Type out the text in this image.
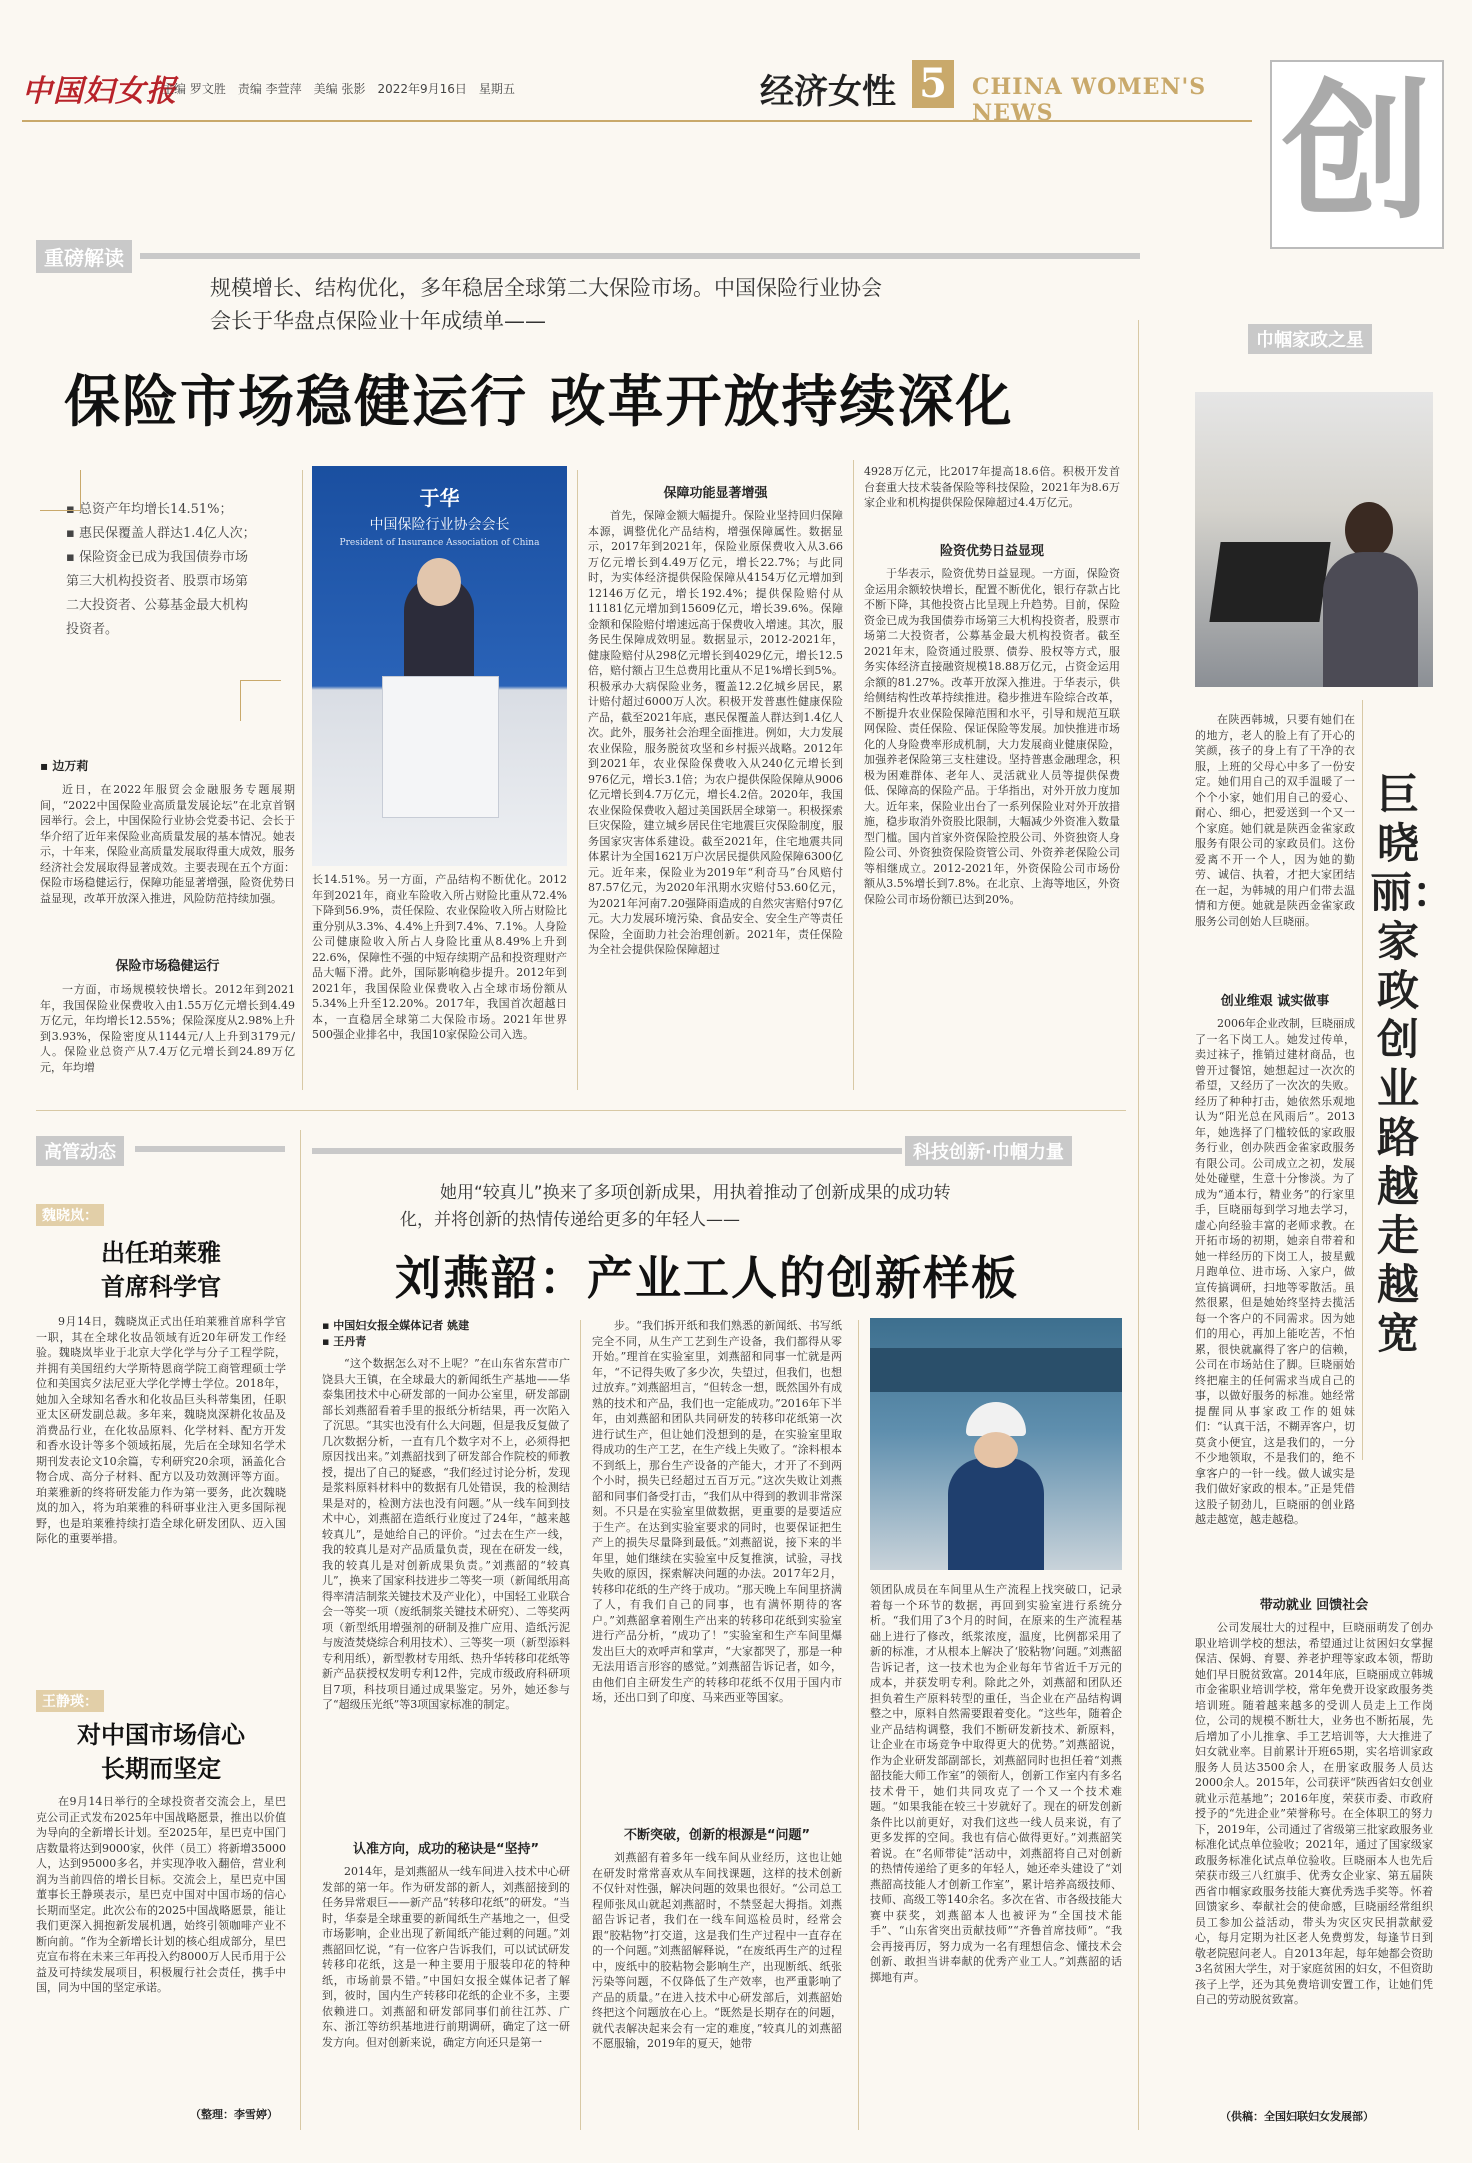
中国妇女报
主编 罗文胜　责编 李萱萍　美编 张影　2022年9月16日　星期五	经济女性 5	CHINA WOMEN'S NEWS	创
重磅解读
规模增长、结构优化，多年稳居全球第二大保险市场。中国保险行业协会
会长于华盘点保险业十年成绩单——
保险市场稳健运行 改革开放持续深化
▪ 总资产年均增长14.51%；
▪ 惠民保覆盖人群达1.4亿人次；
▪ 保险资金已成为我国债券市场第三大机构投资者、股票市场第二大投资者、公募基金最大机构投资者。
▪ 边万莉
于华
中国保险行业协会会长
President of Insurance Association of China
近日，在2022年服贸会金融服务专题展期间，“2022中国保险业高质量发展论坛”在北京首钢园举行。会上，中国保险行业协会党委书记、会长于华介绍了近年来保险业高质量发展的基本情况。她表示，十年来，保险业高质量发展取得重大成效，服务经济社会发展取得显著成效。主要表现在五个方面：保险市场稳健运行，保障功能显著增强，险资优势日益显现，改革开放深入推进，风险防范持续加强。
保险市场稳健运行
一方面，市场规模较快增长。2012年到2021年，我国保险业保费收入由1.55万亿元增长到4.49万亿元，年均增长12.55%；保险深度从2.98%上升到3.93%，保险密度从1144元/人上升到3179元/人。保险业总资产从7.4万亿元增长到24.89万亿元，年均增
长14.51%。另一方面，产品结构不断优化。2012年到2021年，商业车险收入所占财险比重从72.4%下降到56.9%，责任保险、农业保险收入所占财险比重分别从3.3%、4.4%上升到7.4%、7.1%。人身险公司健康险收入所占人身险比重从8.49%上升到22.6%，保障性不强的中短存续期产品和投资理财产品大幅下滑。此外，国际影响稳步提升。2012年到2021年，我国保险业保费收入占全球市场份额从5.34%上升至12.20%。2017年，我国首次超越日本，一直稳居全球第二大保险市场。2021年世界500强企业排名中，我国10家保险公司入选。
保障功能显著增强
首先，保障金额大幅提升。保险业坚持回归保障本源，调整优化产品结构，增强保障属性。数据显示，2017年到2021年，保险业原保费收入从3.66万亿元增长到4.49万亿元，增长22.7%；与此同时，为实体经济提供保险保障从4154万亿元增加到12146万亿元，增长192.4%；提供保险赔付从11181亿元增加到15609亿元，增长39.6%。保障金额和保险赔付增速远高于保费收入增速。其次，服务民生保障成效明显。数据显示，2012-2021年，健康险赔付从298亿元增长到4029亿元，增长12.5倍，赔付额占卫生总费用比重从不足1%增长到5%。积极承办大病保险业务，覆盖12.2亿城乡居民，累计赔付超过6000万人次。积极开发普惠性健康保险产品，截至2021年底，惠民保覆盖人群达到1.4亿人次。此外，服务社会治理全面推进。例如，大力发展农业保险，服务脱贫攻坚和乡村振兴战略。2012年到2021年，农业保险保费收入从240亿元增长到976亿元，增长3.1倍；为农户提供保险保障从9006亿元增长到4.7万亿元，增长4.2倍。2020年，我国农业保险保费收入超过美国跃居全球第一。积极探索巨灾保险，建立城乡居民住宅地震巨灾保险制度，服务国家灾害体系建设。截至2021年，住宅地震共同体累计为全国1621万户次居民提供风险保障6300亿元。近年来，保险业为2019年“利奇马”台风赔付87.57亿元，为2020年汛期水灾赔付53.60亿元，为2021年河南7.20强降雨造成的自然灾害赔付97亿元。大力发展环境污染、食品安全、安全生产等责任保险，全面助力社会治理创新。2021年，责任保险为全社会提供保险保障超过
4928万亿元，比2017年提高18.6倍。积极开发首台套重大技术装备保险等科技保险，2021年为8.6万家企业和机构提供保险保障超过4.4万亿元。
险资优势日益显现
于华表示，险资优势日益显现。一方面，保险资金运用余额较快增长，配置不断优化，银行存款占比不断下降，其他投资占比呈现上升趋势。目前，保险资金已成为我国债券市场第三大机构投资者，股票市场第二大投资者，公募基金最大机构投资者。截至2021年末，险资通过股票、债券、股权等方式，服务实体经济直接融资规模18.88万亿元，占资金运用余额的81.27%。改革开放深入推进。于华表示，供给侧结构性改革持续推进。稳步推进车险综合改革，不断提升农业保险保障范围和水平，引导和规范互联网保险、责任保险、保证保险等发展。加快推进市场化的人身险费率形成机制，大力发展商业健康保险，加强养老保险第三支柱建设。坚持普惠金融理念，积极为困难群体、老年人、灵活就业人员等提供保费低、保障高的保险产品。于华指出，对外开放力度加大。近年来，保险业出台了一系列保险业对外开放措施，稳步取消外资股比限制，大幅减少外资准入数量型门槛。国内首家外资保险控股公司、外资独资人身险公司、外资独资保险资管公司、外资养老保险公司等相继成立。2012-2021年，外资保险公司市场份额从3.5%增长到7.8%。在北京、上海等地区，外资保险公司市场份额已达到20%。
巾帼家政之星
在陕西韩城，只要有她们在的地方，老人的脸上有了开心的笑颜，孩子的身上有了干净的衣服，上班的父母心中多了一份安定。她们用自己的双手温暖了一个个小家，她们用自己的爱心、耐心、细心，把爱送到一个又一个家庭。她们就是陕西金雀家政服务有限公司的家政员们。这份爱离不开一个人，因为她的勤劳、诚信、执着，才把大家团结在一起，为韩城的用户们带去温情和方便。她就是陕西金雀家政服务公司创始人巨晓丽。
巨晓丽：家政创业路越走越宽
创业维艰 诚实做事
2006年企业改制，巨晓丽成了一名下岗工人。她发过传单，卖过袜子，推销过建材商品，也曾开过餐馆，她想起过一次次的希望，又经历了一次次的失败。经历了种种打击，她依然乐观地认为“阳光总在风雨后”。2013年，她选择了门槛较低的家政服务行业，创办陕西金雀家政服务有限公司。公司成立之初，发展处处碰壁，生意十分惨淡。为了成为“通本行，精业务”的行家里手，巨晓丽每到学习地去学习，虚心向经验丰富的老师求教。在开拓市场的初期，她亲自带着和她一样经历的下岗工人，披星戴月跑单位、进市场、入家户，做宣传搞调研，扫地等零散活。虽然很累，但是她始终坚持去揽活每一个客户的不同需求。因为她们的用心，再加上能吃苦，不怕累，很快就赢得了客户的信赖，公司在市场站住了脚。巨晓丽始终把雇主的任何需求当成自己的事，以做好服务的标准。她经常提醒同从事家政工作的姐妹们：“认真干活，不糊弄客户，切莫贪小便宜，这是我们的，一分不少地领取，不是我们的，绝不拿客户的一针一线。做人诚实是我们做好家政的根本。”正是凭借这股子韧劲儿，巨晓丽的创业路越走越宽，越走越稳。
带动就业 回馈社会
公司发展壮大的过程中，巨晓丽萌发了创办职业培训学校的想法，希望通过让贫困妇女掌握保洁、保姆、育婴、养老护理等家政本领，帮助她们早日脱贫致富。2014年底，巨晓丽成立韩城市金雀职业培训学校，常年免费开设家政服务类培训班。随着越来越多的受训人员走上工作岗位，公司的规模不断壮大，业务也不断拓展，先后增加了小儿推拿、手工艺培训等，大大推进了妇女就业率。目前累计开班65期，实名培训家政服务人员达3500余人，在册家政服务人员达2000余人。2015年，公司获评“陕西省妇女创业就业示范基地”；2016年度，荣获市委、市政府授予的“先进企业”荣誉称号。在全体职工的努力下，2019年，公司通过了省级第三批家政服务业标准化试点单位验收；2021年，通过了国家级家政服务标准化试点单位验收。巨晓丽本人也先后荣获市级三八红旗手、优秀女企业家、第五届陕西省巾帼家政服务技能大赛优秀选手奖等。怀着回馈家乡、奉献社会的使命感，巨晓丽经常组织员工参加公益活动，带头为灾区灾民捐款献爱心，每月定期为社区老人免费剪发，每逢节日到敬老院慰问老人。自2013年起，每年她都会资助3名贫困大学生，对于家庭贫困的妇女，不但资助孩子上学，还为其免费培训安置工作，让她们凭自己的劳动脱贫致富。
（供稿：全国妇联妇女发展部）
高管动态
魏晓岚：
出任珀莱雅
首席科学官
9月14日，魏晓岚正式出任珀莱雅首席科学官一职，其在全球化妆品领域有近20年研发工作经验。魏晓岚毕业于北京大学化学与分子工程学院，并拥有美国纽约大学斯特恩商学院工商管理硕士学位和美国宾夕法尼亚大学化学博士学位。2018年，她加入全球知名香水和化妆品巨头科蒂集团，任职亚太区研发副总裁。多年来，魏晓岚深耕化妆品及消费品行业，在化妆品原料、化学材料、配方开发和香水设计等多个领域拓展，先后在全球知名学术期刊发表论文10余篇，专利研究20余项，涵盖化合物合成、高分子材料、配方以及功效测评等方面。珀莱雅新的终将研发能力作为第一要务，此次魏晓岚的加入，将为珀莱雅的科研事业注入更多国际视野，也是珀莱雅持续打造全球化研发团队、迈入国际化的重要举措。
王静瑛：
对中国市场信心
长期而坚定
在9月14日举行的全球投资者交流会上，星巴克公司正式发布2025年中国战略愿景，推出以价值为导向的全新增长计划。至2025年，星巴克中国门店数量将达到9000家，伙伴（员工）将新增35000人，达到95000多名，并实现净收入翻倍，营业利润为当前四倍的增长目标。交流会上，星巴克中国董事长王静瑛表示，星巴克中国对中国市场的信心长期而坚定。此次公布的2025中国战略愿景，能让我们更深入拥抱新发展机遇，始终引领咖啡产业不断向前。“作为全新增长计划的核心组成部分，星巴克宣布将在未来三年再投入约8000万人民币用于公益及可持续发展项目，积极履行社会责任，携手中国，同为中国的坚定承诺。
（整理：李雪婷）
科技创新·巾帼力量
她用“较真儿”换来了多项创新成果，用执着推动了创新成果的成功转
化，并将创新的热情传递给更多的年轻人——
刘燕韶：产业工人的创新样板
▪ 中国妇女报全媒体记者 姚建
▪ 王丹青
“这个数据怎么对不上呢？”在山东省东营市广饶县大王镇，在全球最大的新闻纸生产基地——华泰集团技术中心研发部的一间办公室里，研发部副部长刘燕韶看着手里的报纸分析结果，再一次陷入了沉思。“其实也没有什么大问题，但是我反复做了几次数据分析，一直有几个数字对不上，必须得把原因找出来。”刘燕韶找到了研发部合作院校的师教授，提出了自己的疑惑，“我们经过讨论分析，发现是浆料原料材料中的数据有几处错误，我的检测结果是对的，检测方法也没有问题。”从一线车间到技术中心，刘燕韶在造纸行业度过了24年，“越来越较真儿”，是她给自己的评价。“过去在生产一线，我的较真儿是对产品质量负责，现在在研发一线，我的较真儿是对创新成果负责。”刘燕韶的“较真儿”，换来了国家科技进步二等奖一项（新闻纸用高得率清洁制浆关键技术及产业化），中国轻工业联合会一等奖一项（废纸制浆关键技术研究）、二等奖两项（新型纸用增强剂的研制及推广应用、造纸污泥与废渣焚烧综合利用技术）、三等奖一项（新型添料专利用纸），新型教材专用纸、热升华转移印花纸等新产品获授权发明专利12件，完成市级政府科研项目7项，科技项目通过成果鉴定。另外，她还参与了“超级压光纸”等3项国家标准的制定。
认准方向，成功的秘诀是“坚持”
2014年，是刘燕韶从一线车间进入技术中心研发部的第一年。作为研发部的新人，刘燕韶接到的任务异常艰巨——新产品“转移印花纸”的研发。“当时，华泰是全球重要的新闻纸生产基地之一，但受市场影响，企业出现了新闻纸产能过剩的问题。”刘燕韶回忆说，“有一位客户告诉我们，可以试试研发转移印花纸，这是一种主要用于服装印花的特种纸，市场前景不错。”中国妇女报全媒体记者了解到，彼时，国内生产转移印花纸的企业不多，主要依赖进口。刘燕韶和研发部同事们前往江苏、广东、浙江等纺织基地进行前期调研，确定了这一研发方向。但对创新来说，确定方向还只是第一
步。“我们拆开纸和我们熟悉的新闻纸、书写纸完全不同，从生产工艺到生产设备，我们都得从零开始。”理首在实验室里，刘燕韶和同事一忙就是两年，“不记得失败了多少次，失望过，但我们，也想过放弃。”刘燕韶坦言，“但转念一想，既然国外有成熟的技术和产品，我们也一定能成功。”2016年下半年，由刘燕韶和团队共同研发的转移印花纸第一次进行试生产，但让她们没想到的是，在实验室里取得成功的生产工艺，在生产线上失败了。“涂料根本不到纸上，那台生产设备的产能大，才开了不到两个小时，损失已经超过五百万元。”这次失败让刘燕韶和同事们备受打击，“我们从中得到的教训非常深刻。不只是在实验室里做数据，更重要的是要适应于生产。在达到实验室要求的同时，也要保证把生产上的损失尽量降到最低。”刘燕韶说，接下来的半年里，她们继续在实验室中反复推演，试验，寻找失败的原因，探索解决问题的办法。2017年2月，转移印花纸的生产终于成功。“那天晚上车间里挤满了人，有我们自己的同事，也有满怀期待的客户。”刘燕韶拿着刚生产出来的转移印花纸到实验室进行产品分析，“成功了！”实验室和生产车间里爆发出巨大的欢呼声和掌声，“大家都哭了，那是一种无法用语言形容的感觉。”刘燕韶告诉记者，如今，由他们自主研发生产的转移印花纸不仅用于国内市场，还出口到了印度、马来西亚等国家。
不断突破，创新的根源是“问题”
刘燕韶有着多年一线车间从业经历，这也让她在研发时常常喜欢从车间找课题，这样的技术创新不仅针对性强，解决问题的效果也很好。“公司总工程师张凤山就起刘燕韶时，不禁竖起大拇指。刘燕韶告诉记者，我们在一线车间巡检员时，经常会跟“胶粘物”打交道，这是我们生产过程中一直存在的一个问题。”刘燕韶解释说，“在废纸再生产的过程中，废纸中的胶粘物会影响生产，出现断纸、纸张污染等问题，不仅降低了生产效率，也严重影响了产品的质量。”在进入技术中心研发部后，刘燕韶始终把这个问题放在心上。“既然是长期存在的问题，就代表解决起来会有一定的难度，”较真儿的刘燕韶不愿服输，2019年的夏天，她带
领团队成员在车间里从生产流程上找突破口，记录着每一个环节的数据，再回到实验室进行系统分析。“我们用了3个月的时间，在原来的生产流程基础上进行了修改，纸浆浓度，温度，比例都采用了新的标准，才从根本上解决了‘胶粘物’问题。”刘燕韶告诉记者，这一技术也为企业每年节省近千万元的成本，并获发明专利。除此之外，刘燕韶和团队还担负着生产原料转型的重任，当企业在产品结构调整之中，原料自然需要跟着变化。“这些年，随着企业产品结构调整，我们不断研发新技术、新原料，让企业在市场竞争中取得更大的优势。”刘燕韶说，作为企业研发部副部长，刘燕韶同时也担任着“刘燕韶技能大师工作室”的领衔人，创新工作室内有多名技术骨干，她们共同攻克了一个又一个技术难题。“如果我能在较三十岁就好了。现在的研发创新条件比以前更好，对我们这些一线人员来说，有了更多发挥的空间。我也有信心做得更好。”刘燕韶笑着说。在“名师带徒”活动中，刘燕韶将自己对创新的热情传递给了更多的年轻人，她还牵头建设了“刘燕韶高技能人才创新工作室”，累计培养高级技师、技师、高级工等140余名。多次在省、市各级技能大赛中获奖，刘燕韶本人也被评为“全国技术能手”、“山东省突出贡献技师”“齐鲁首席技师”。“我会再接再厉，努力成为一名有理想信念、懂技术会创新、敢担当讲奉献的优秀产业工人。”刘燕韶的话掷地有声。
